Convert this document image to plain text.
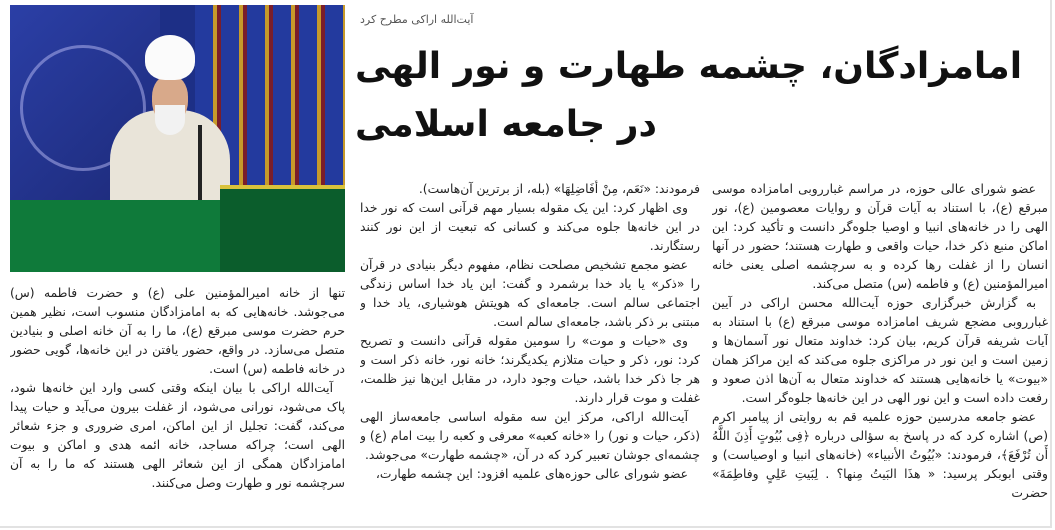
آیت‌الله اراکی مطرح کرد
امامزادگان، چشمه طهارت و نور الهی
در جامعه اسلامی

عضو شورای عالی حوزه، در مراسم غبارروبی امامزاده موسی مبرقع (ع)، با استناد به آیات قرآن و روایات معصومین (ع)، نور الهی را در خانه‌های انبیا و اوصیا جلوه‌گر دانست و تأکید کرد: این اماکن منبع ذکر خدا، حیات واقعی و طهارت هستند؛ حضور در آنها انسان را از غفلت رها کرده و به سرچشمه اصلی یعنی خانه امیرالمؤمنین (ع) و فاطمه (س) متصل می‌کند.

به گزارش خبرگزاری حوزه آیت‌الله محسن اراکی در آیین غبارروبی مضجع شریف امامزاده موسی مبرقع (ع) با استناد به آیات شریفه قرآن کریم، بیان کرد: خداوند متعال نور آسمان‌ها و زمین است و این نور در مراکزی جلوه می‌کند که این مراکز همان «بیوت» یا خانه‌هایی هستند که خداوند متعال به آن‌ها اذن صعود و رفعت داده است و این نور الهی در این خانه‌ها جلوه‌گر است.

عضو جامعه مدرسین حوزه علمیه قم به روایتی از پیامبر اکرم (ص) اشاره کرد که در پاسخ به سؤالی درباره ﴿فِی بُیُوتٍ أَذِنَ اللَّهُ أَن تُرْفَعَ﴾، فرمودند: «بُیُوتُ الأنبیاء» (خانه‌های انبیا و اوصیاست) و وقتی ابوبکر پرسید: « هذَا البَیتُ مِنها؟ . لِبَیتِ عَلِیٍ وفاطِمَةَ» حضرت

فرمودند: «نَعَم، مِنْ أَفَاضِلِهَا» (بله، از برترین آن‌هاست).

وی اظهار کرد: این یک مقوله بسیار مهم قرآنی است که نور خدا در این خانه‌ها جلوه می‌کند و کسانی که تبعیت از این نور کنند رستگارند.

عضو مجمع تشخیص مصلحت نظام، مفهوم دیگر بنیادی در قرآن را «ذکر» یا یاد خدا برشمرد و گفت: این یاد خدا اساس زندگی اجتماعی سالم است. جامعه‌ای که هویتش هوشیاری، یاد خدا و مبتنی بر ذکر باشد، جامعه‌ای سالم است.

وی «حیات و موت» را سومین مقوله قرآنی دانست و تصریح کرد: نور، ذکر و حیات متلازم یکدیگرند؛ خانه نور، خانه ذکر است و هر جا ذکر خدا باشد، حیات وجود دارد، در مقابل این‌ها نیز ظلمت، غفلت و موت قرار دارند.

آیت‌الله اراکی، مرکز این سه مقوله اساسی جامعه‌ساز الهی (ذکر، حیات و نور) را «خانه کعبه» معرفی و کعبه را بیت امام (ع) و چشمه‌ای جوشان تعبیر کرد که در آن، «چشمه طهارت» می‌جوشد.

عضو شورای عالی حوزه‌های علمیه افزود: این چشمه طهارت،

تنها از خانه امیرالمؤمنین علی (ع) و حضرت فاطمه (س) می‌جوشد. خانه‌هایی که به امامزادگان منسوب است، نظیر همین حرم حضرت موسی مبرقع (ع)، ما را به آن خانه اصلی و بنیادین متصل می‌سازد. در واقع، حضور یافتن در این خانه‌ها، گویی حضور در خانه فاطمه (س) است.

آیت‌الله اراکی با بیان اینکه وقتی کسی وارد این خانه‌ها شود، پاک می‌شود، نورانی می‌شود، از غفلت بیرون می‌آید و حیات پیدا می‌کند، گفت: تجلیل از این اماکن، امری ضروری و جزء شعائر الهی است؛ چراکه مساجد، خانه ائمه هدی و اماکن و بیوت امامزادگان همگی از این شعائر الهی هستند که ما را به آن سرچشمه نور و طهارت وصل می‌کنند.
